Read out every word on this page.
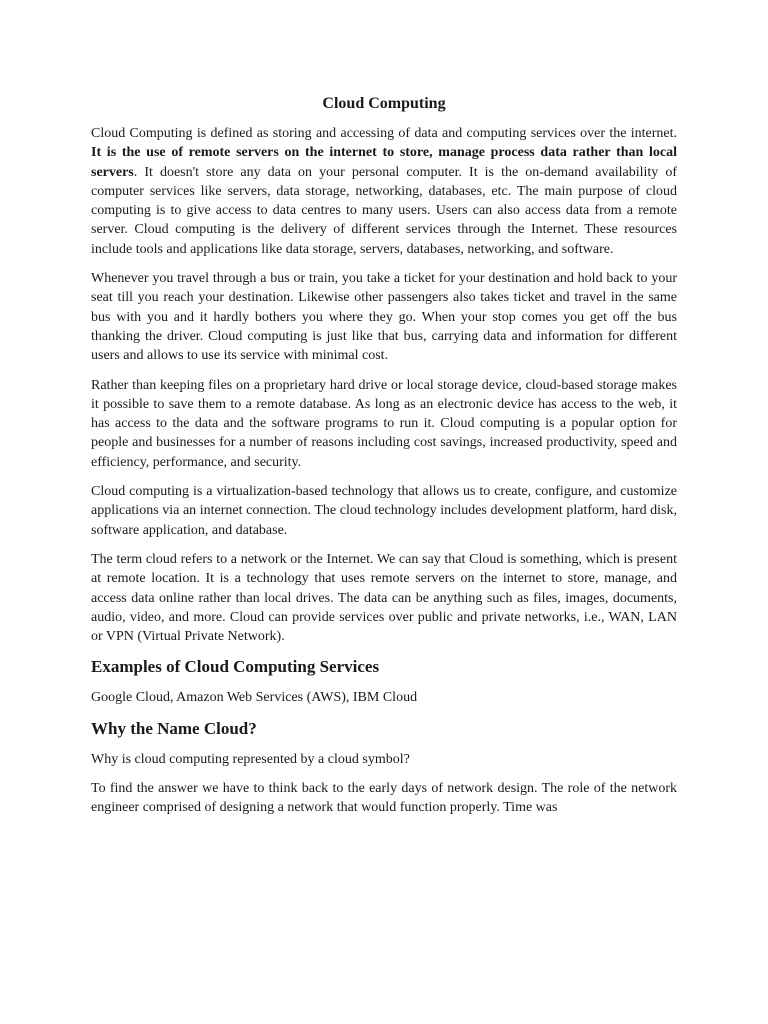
Cloud Computing

Cloud Computing is defined as storing and accessing of data and computing services over the internet. It is the use of remote servers on the internet to store, manage process data rather than local servers. It doesn't store any data on your personal computer. It is the on-demand availability of computer services like servers, data storage, networking, databases, etc. The main purpose of cloud computing is to give access to data centres to many users. Users can also access data from a remote server. Cloud computing is the delivery of different services through the Internet. These resources include tools and applications like data storage, servers, databases, networking, and software.

Whenever you travel through a bus or train, you take a ticket for your destination and hold back to your seat till you reach your destination. Likewise other passengers also takes ticket and travel in the same bus with you and it hardly bothers you where they go. When your stop comes you get off the bus thanking the driver. Cloud computing is just like that bus, carrying data and information for different users and allows to use its service with minimal cost.

Rather than keeping files on a proprietary hard drive or local storage device, cloud-based storage makes it possible to save them to a remote database. As long as an electronic device has access to the web, it has access to the data and the software programs to run it. Cloud computing is a popular option for people and businesses for a number of reasons including cost savings, increased productivity, speed and efficiency, performance, and security.

Cloud computing is a virtualization-based technology that allows us to create, configure, and customize applications via an internet connection. The cloud technology includes development platform, hard disk, software application, and database.

The term cloud refers to a network or the Internet. We can say that Cloud is something, which is present at remote location. It is a technology that uses remote servers on the internet to store, manage, and access data online rather than local drives. The data can be anything such as files, images, documents, audio, video, and more. Cloud can provide services over public and private networks, i.e., WAN, LAN or VPN (Virtual Private Network).

Examples of Cloud Computing Services

Google Cloud, Amazon Web Services (AWS), IBM Cloud

Why the Name Cloud?

Why is cloud computing represented by a cloud symbol?

To find the answer we have to think back to the early days of network design. The role of the network engineer comprised of designing a network that would function properly. Time was
